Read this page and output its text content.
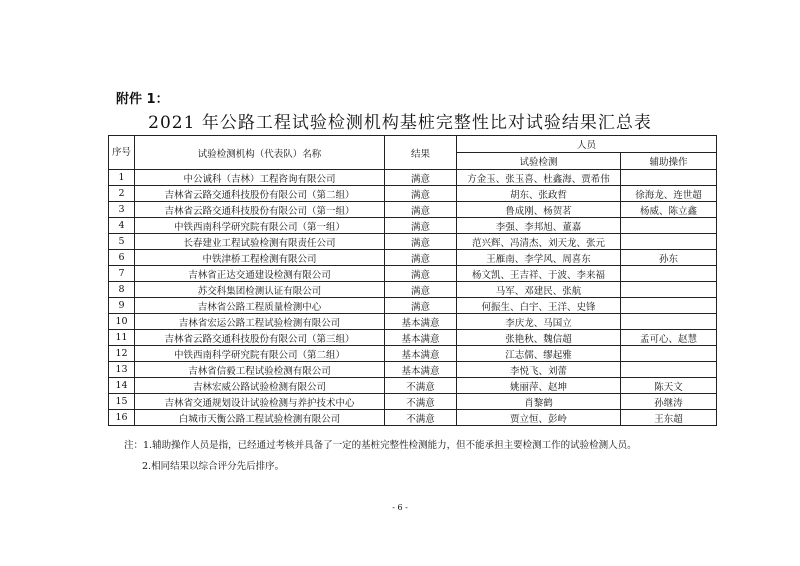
附件 1：
2021 年公路工程试验检测机构基桩完整性比对试验结果汇总表
序号	试验检测机构（代表队）名称	结果	人员	
			试验检测	辅助操作
1	中公诚科（吉林）工程咨询有限公司	满意	方金玉、张玉喜、杜鑫海、贾希伟	
2	吉林省云路交通科技股份有限公司（第二组）	满意	胡东、张政哲	徐海龙、连世超
3	吉林省云路交通科技股份有限公司（第一组）	满意	鲁成刚、杨贺茗	杨威、陈立鑫
4	中铁西南科学研究院有限公司（第一组）	满意	李强、李邦旭、董嘉	
5	长春建业工程试验检测有限责任公司	满意	范兴辉、冯清杰、刘天龙、张元	
6	中铁津桥工程检测有限公司	满意	王雁南、李学风、周喜东	孙东
7	吉林省正达交通建设检测有限公司	满意	杨文凯、王吉祥、于波、李来福	
8	苏交科集团检测认证有限公司	满意	马军、邓建民、张航	
9	吉林省公路工程质量检测中心	满意	何振生、白宇、王洋、史锋	
10	吉林省宏运公路工程试验检测有限公司	基本满意	李庆龙、马国立	
11	吉林省云路交通科技股份有限公司（第三组）	基本满意	张艳秋、魏信超	孟可心、赵慧
12	中铁西南科学研究院有限公司（第二组）	基本满意	江志儒、缪起雅	
13	吉林省信毅工程试验检测有限公司	基本满意	李悦飞、刘蕾	
14	吉林宏威公路试验检测有限公司	不满意	姚丽萍、赵坤	陈天文
15	吉林省交通规划设计试验检测与养护技术中心	不满意	肖黎鹤	孙继涛
16	白城市天衡公路工程试验检测有限公司	不满意	贾立恒、彭岭	王东超
注：1.辅助操作人员是指，已经通过考核并具备了一定的基桩完整性检测能力，但不能承担主要检测工作的试验检测人员。
2.相同结果以综合评分先后排序。
- 6 -
